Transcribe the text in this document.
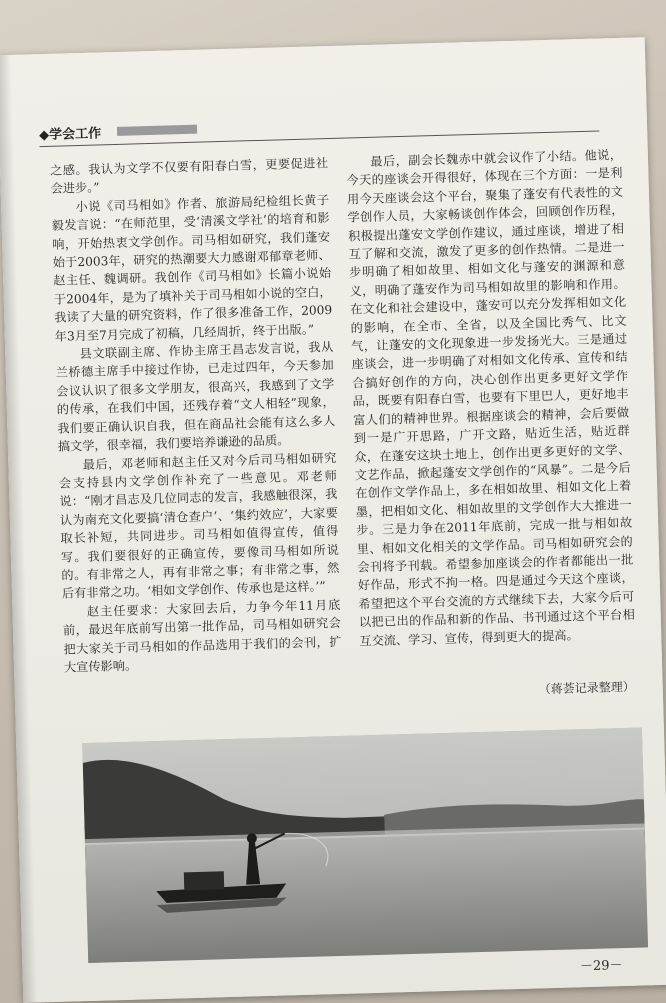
◆学会工作

之感。我认为文学不仅要有阳春白雪，更要促进社会进步。”

小说《司马相如》作者、旅游局纪检组长黄子毅发言说：“在师范里，受‘清溪文学社’的培育和影响，开始热衷文学创作。司马相如研究，我们蓬安始于2003年，研究的热潮要大力感谢邓郁章老师、赵主任、魏调研。我创作《司马相如》长篇小说始于2004年，是为了填补关于司马相如小说的空白，我读了大量的研究资料，作了很多准备工作，2009年3月至7月完成了初稿，几经周折，终于出版。”

县文联副主席、作协主席王昌志发言说，我从兰桥德主席手中接过作协，已走过四年，今天参加会议认识了很多文学朋友，很高兴，我感到了文学的传承，在我们中国，还残存着“文人相轻”现象，我们要正确认识自我，但在商品社会能有这么多人搞文学，很幸福，我们要培养谦逊的品质。

最后，邓老师和赵主任又对今后司马相如研究会支持县内文学创作补充了一些意见。邓老师说：“刚才昌志及几位同志的发言，我感触很深，我认为南充文化要搞‘清仓查户’、‘集约效应’，大家要取长补短，共同进步。司马相如值得宣传，值得写。我们要很好的正确宣传，要像司马相如所说的。有非常之人，再有非常之事；有非常之事，然后有非常之功。‘相如文学创作、传承也是这样。’”

赵主任要求：大家回去后，力争今年11月底前，最迟年底前写出第一批作品，司马相如研究会把大家关于司马相如的作品选用于我们的会刊，扩大宣传影响。

最后，副会长魏赤中就会议作了小结。他说，今天的座谈会开得很好，体现在三个方面：一是利用今天座谈会这个平台，聚集了蓬安有代表性的文学创作人员，大家畅谈创作体会，回顾创作历程，积极提出蓬安文学创作建议，通过座谈，增进了相互了解和交流，激发了更多的创作热情。二是进一步明确了相如故里、相如文化与蓬安的渊源和意义，明确了蓬安作为司马相如故里的影响和作用。在文化和社会建设中，蓬安可以充分发挥相如文化的影响，在全市、全省，以及全国比秀气、比文气，让蓬安的文化现象进一步发扬光大。三是通过座谈会，进一步明确了对相如文化传承、宣传和结合搞好创作的方向，决心创作出更多更好文学作品，既要有阳春白雪，也要有下里巴人，更好地丰富人们的精神世界。根据座谈会的精神，会后要做到一是广开思路，广开文路，贴近生活，贴近群众，在蓬安这块土地上，创作出更多更好的文学、文艺作品，掀起蓬安文学创作的“风暴”。二是今后在创作文学作品上，多在相如故里、相如文化上着墨，把相如文化、相如故里的文学创作大大推进一步。三是力争在2011年底前，完成一批与相如故里、相如文化相关的文学作品。司马相如研究会的会刊将予刊载。希望参加座谈会的作者都能出一批好作品，形式不拘一格。四是通过今天这个座谈，希望把这个平台交流的方式继续下去，大家今后可以把已出的作品和新的作品、书刊通过这个平台相互交流、学习、宣传，得到更大的提高。

（蒋荟记录整理）
－29－
